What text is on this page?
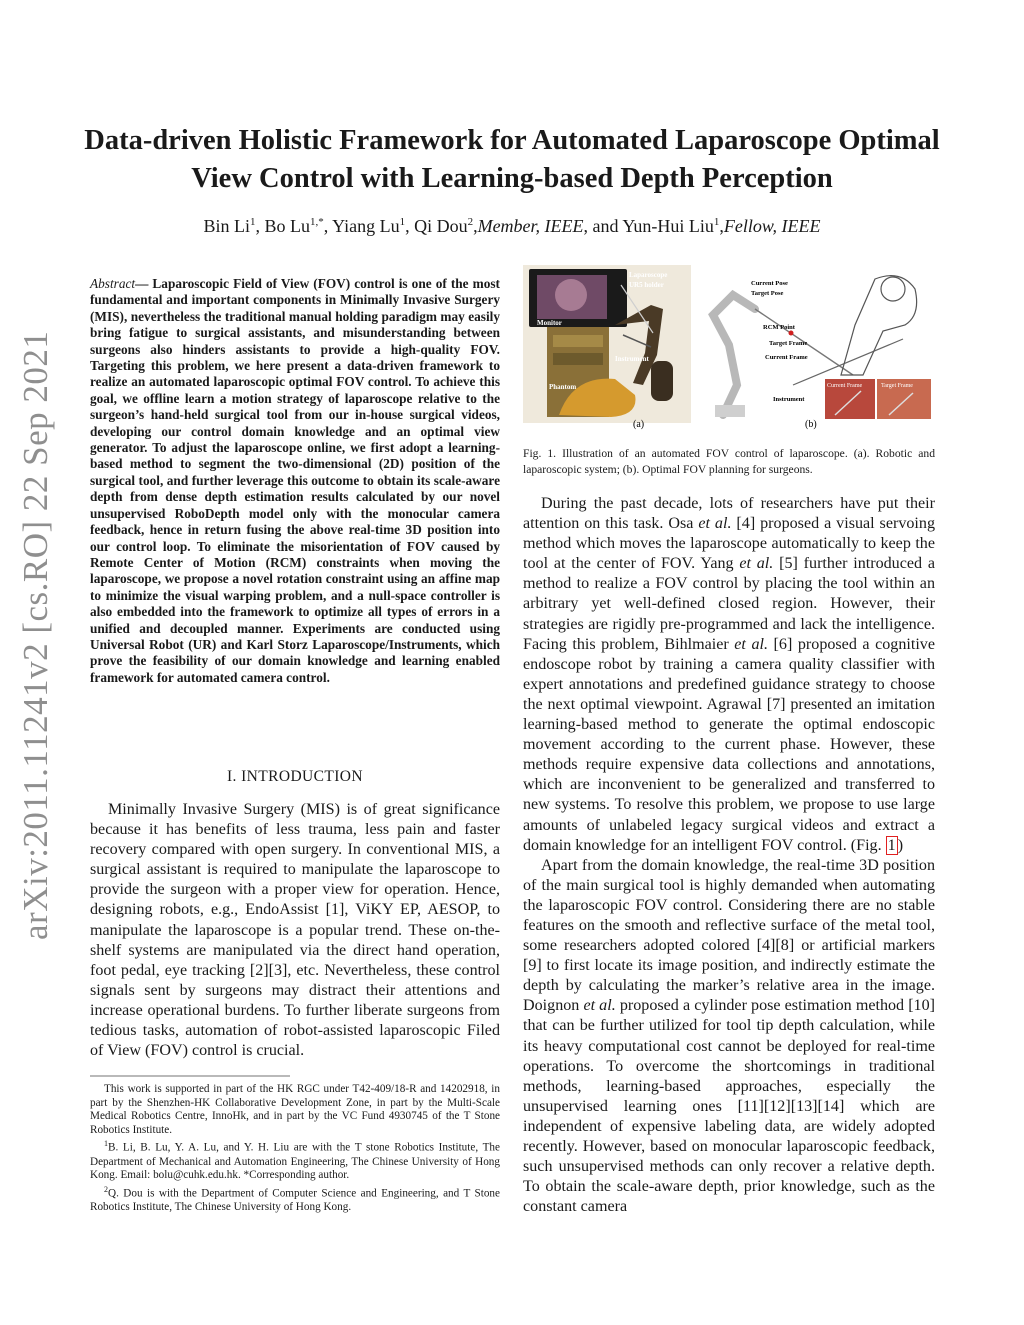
arXiv:2011.11241v2 [cs.RO] 22 Sep 2021
Data-driven Holistic Framework for Automated Laparoscope Optimal
View Control with Learning-based Depth Perception
Bin Li$^1$, Bo $Lu^{1,*}$, Yiang Lu$^1$, Qi Dou$^2$,Member, IEEE, and Yun-Hui Liu$^1$,Fellow, IEEE
Abstract— Laparoscopic Field of View (FOV) control is one of the most fundamental and important components in Minimally Invasive Surgery (MIS), nevertheless the traditional manual holding paradigm may easily bring fatigue to surgical assistants, and misunderstanding between surgeons also hinders assistants to provide a high-quality FOV. Targeting this problem, we here present a data-driven framework to realize an automated laparoscopic optimal FOV control. To achieve this goal, we offline learn a motion strategy of laparoscope relative to the surgeon’s hand-held surgical tool from our in-house surgical videos, developing our control domain knowledge and an optimal view generator. To adjust the laparoscope online, we first adopt a learning-based method to segment the two-dimensional (2D) position of the surgical tool, and further leverage this outcome to obtain its scale-aware depth from dense depth estimation results calculated by our novel unsupervised RoboDepth model only with the monocular camera feedback, hence in return fusing the above real-time 3D position into our control loop. To eliminate the misorientation of FOV caused by Remote Center of Motion (RCM) constraints when moving the laparoscope, we propose a novel rotation constraint using an affine map to minimize the visual warping problem, and a null-space controller is also embedded into the framework to optimize all types of errors in a unified and decoupled manner. Experiments are conducted using Universal Robot (UR) and Karl Storz Laparoscope/Instruments, which prove the feasibility of our domain knowledge and learning enabled framework for automated camera control.
I. INTRODUCTION

Minimally Invasive Surgery (MIS) is of great significance because it has benefits of less trauma, less pain and faster recovery compared with open surgery. In conventional MIS, a surgical assistant is required to manipulate the laparoscope to provide the surgeon with a proper view for operation. Hence, designing robots, e.g., EndoAssist [1], ViKY EP, AESOP, to manipulate the laparoscope is a popular trend. These on-the-shelf systems are manipulated via the direct hand operation, foot pedal, eye tracking [2][3], etc. Nevertheless, these control signals sent by surgeons may distract their attentions and increase operational burdens. To further liberate surgeons from tedious tasks, automation of robot-assisted laparoscopic Filed of View (FOV) control is crucial.

This work is supported in part of the HK RGC under T42-409/18-R and 14202918, in part by the Shenzhen-HK Collaborative Development Zone, in part by the Multi-Scale Medical Robotics Centre, InnoHk, and in part by the VC Fund 4930745 of the T Stone Robotics Institute.

$^1$B. Li, B. Lu, Y. A. Lu, and Y. H. Liu are with the T stone Robotics Institute, The Department of Mechanical and Automation Engineering, The Chinese University of Hong Kong. Email: bolu@cuhk.edu.hk. *Corresponding author.

$^2$Q. Dou is with the Department of Computer Science and Engineering, and T Stone Robotics Institute, The Chinese University of Hong Kong.

Laparoscope
UR5 holder
Monitor
Instrument
Phantom
(a)
Current Pose
Target Pose
RCM Point
Target Frame
Current Frame
Instrument
Current Frame	Target Frame
(b)
Fig. 1. Illustration of an automated FOV control of laparoscope. (a). Robotic and laparoscopic system; (b). Optimal FOV planning for surgeons.

During the past decade, lots of researchers have put their attention on this task. Osa et al. [4] proposed a visual servoing method which moves the laparoscope automatically to keep the tool at the center of FOV. Yang et al. [5] further introduced a method to realize a FOV control by placing the tool within an arbitrary yet well-defined closed region. However, their strategies are rigidly pre-programmed and lack the intelligence. Facing this problem, Bihlmaier et al. [6] proposed a cognitive endoscope robot by training a camera quality classifier with expert annotations and predefined guidance strategy to choose the next optimal viewpoint. Agrawal [7] presented an imitation learning-based method to generate the optimal endoscopic movement according to the current phase. However, these methods require expensive data collections and annotations, which are inconvenient to be generalized and transferred to new systems. To resolve this problem, we propose to use large amounts of unlabeled legacy surgical videos and extract a domain knowledge for an intelligent FOV control. (Fig. 1 )

Apart from the domain knowledge, the real-time 3D position of the main surgical tool is highly demanded when automating the laparoscopic FOV control. Considering there are no stable features on the smooth and reflective surface of the metal tool, some researchers adopted colored [4][8] or artificial markers [9] to first locate its image position, and indirectly estimate the depth by calculating the marker’s relative area in the image. Doignon et al. proposed a cylinder pose estimation method [10] that can be further utilized for tool tip depth calculation, while its heavy computational cost cannot be deployed for real-time operations. To overcome the shortcomings in traditional methods, learning-based approaches, especially the unsupervised learning ones [11][12][13][14] which are independent of expensive labeling data, are widely adopted recently. However, based on monocular laparoscopic feedback, such unsupervised methods can only recover a relative depth. To obtain the scale-aware depth, prior knowledge, such as the constant camera
